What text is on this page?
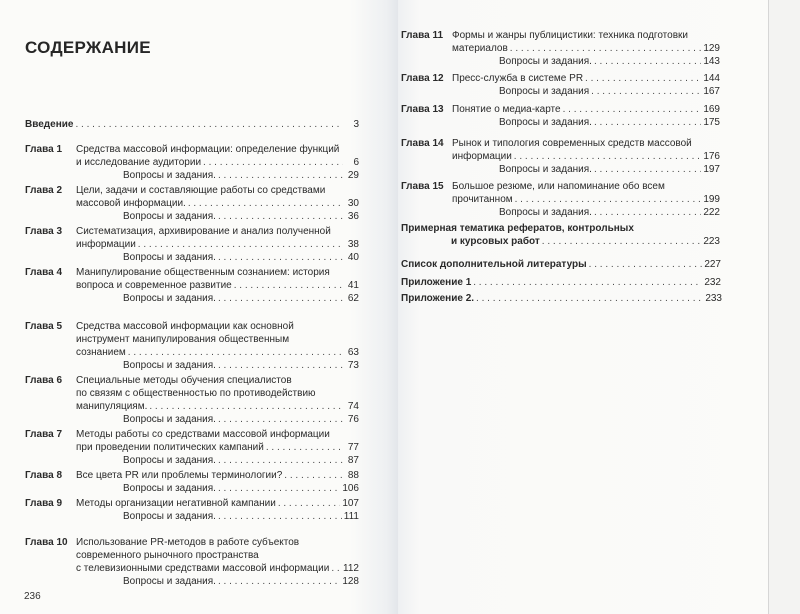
СОДЕРЖАНИЕ
Введение . . .	3
Глава 1 Средства массовой информации: определение функций
и исследование аудитории . . .	6
Вопросы и задания. . . .	29
Глава 2 Цели, задачи и составляющие работы со средствами
массовой информации. . . .	30
Вопросы и задания. . . .	36
Глава 3 Систематизация, архивирование и анализ полученной
информации . . .	38
Вопросы и задания. . . .	40
Глава 4 Манипулирование общественным сознанием: история
вопроса и современное развитие . . .	41
Вопросы и задания. . . .	62
Глава 5 Средства массовой информации как основной
инструмент манипулирования общественным
сознанием . . .	63
Вопросы и задания. . . .	73
Глава 6 Специальные методы обучения специалистов
по связям с общественностью по противодействию
манипуляциям. . . .	74
Вопросы и задания. . . .	76
Глава 7 Методы работы со средствами массовой информации
при проведении политических кампаний . . .	77
Вопросы и задания. . . .	87
Глава 8 Все цвета PR или проблемы терминологии? . . .	88
Вопросы и задания. . . .	106
Глава 9 Методы организации негативной кампании . . .	107
Вопросы и задания. . . .	111
Глава 10 Использование PR-методов в работе субъектов
современного рыночного пространства
с телевизионными средствами массовой информации . . . 112
Вопросы и задания. . . .	128
Глава 11 Формы и жанры публицистики: техника подготовки
материалов . . .	129
Вопросы и задания. . . .	143
Глава 12 Пресс-служба в системе PR . . .	144
Вопросы и задания . . .	167
Глава 13 Понятие о медиа-карте . . .	169
Вопросы и задания. . . .	175
Глава 14 Рынок и типология современных средств массовой
информации . . .	176
Вопросы и задания. . . .	197
Глава 15 Большое резюме, или напоминание обо всем
прочитанном . . .	199
Вопросы и задания. . . .	222
Примерная тематика рефератов, контрольных
и курсовых работ . . .	223
Список дополнительной литературы . . .	227
Приложение 1 . . .	232
Приложение 2. . . .	233
236
